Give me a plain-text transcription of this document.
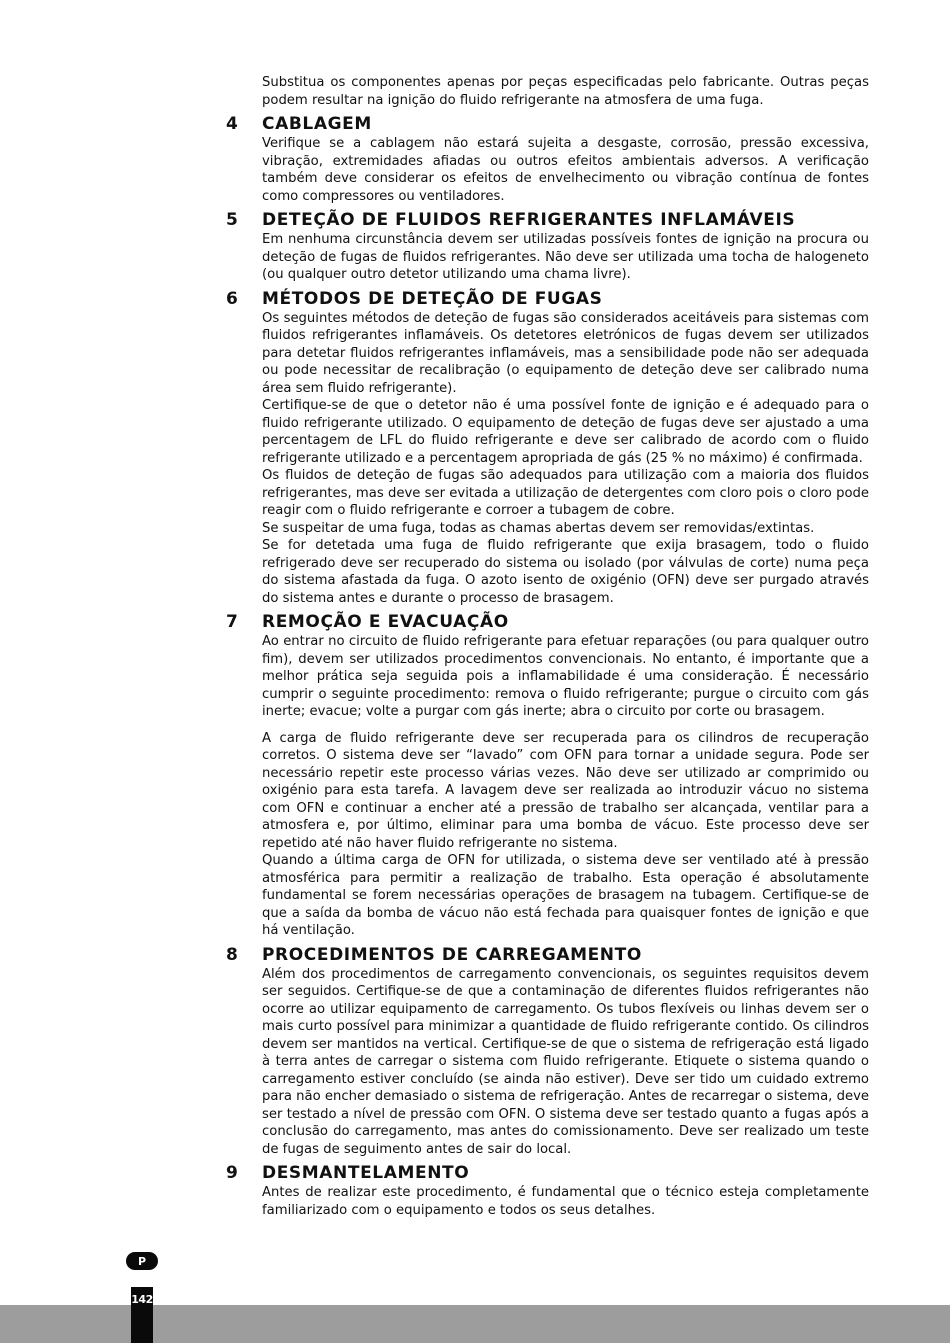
Substitua os componentes apenas por peças especificadas pelo fabricante. Outras peças podem resultar na ignição do fluido refrigerante na atmosfera de uma fuga.

4	CABLAGEM

Verifique se a cablagem não estará sujeita a desgaste, corrosão, pressão excessiva, vibração, extremidades afiadas ou outros efeitos ambientais adversos. A verificação também deve considerar os efeitos de envelhecimento ou vibração contínua de fontes como compressores ou ventiladores.

5	DETEÇÃO DE FLUIDOS REFRIGERANTES INFLAMÁVEIS

Em nenhuma circunstância devem ser utilizadas possíveis fontes de ignição na procura ou deteção de fugas de fluidos refrigerantes. Não deve ser utilizada uma tocha de halogeneto (ou qualquer outro detetor utilizando uma chama livre).

6	MÉTODOS DE DETEÇÃO DE FUGAS

Os seguintes métodos de deteção de fugas são considerados aceitáveis para sistemas com fluidos refrigerantes inflamáveis. Os detetores eletrónicos de fugas devem ser utilizados para detetar fluidos refrigerantes inflamáveis, mas a sensibilidade pode não ser adequada ou pode necessitar de recalibração (o equipamento de deteção deve ser calibrado numa área sem fluido refrigerante).

Certifique-se de que o detetor não é uma possível fonte de ignição e é adequado para o fluido refrigerante utilizado. O equipamento de deteção de fugas deve ser ajustado a uma percentagem de LFL do fluido refrigerante e deve ser calibrado de acordo com o fluido refrigerante utilizado e a percentagem apropriada de gás (25 % no máximo) é confirmada.

Os fluidos de deteção de fugas são adequados para utilização com a maioria dos fluidos refrigerantes, mas deve ser evitada a utilização de detergentes com cloro pois o cloro pode reagir com o fluido refrigerante e corroer a tubagem de cobre.

Se suspeitar de uma fuga, todas as chamas abertas devem ser removidas/extintas.

Se for detetada uma fuga de fluido refrigerante que exija brasagem, todo o fluido refrigerado deve ser recuperado do sistema ou isolado (por válvulas de corte) numa peça do sistema afastada da fuga. O azoto isento de oxigénio (OFN) deve ser purgado através do sistema antes e durante o processo de brasagem.

7	REMOÇÃO E EVACUAÇÃO

Ao entrar no circuito de fluido refrigerante para efetuar reparações (ou para qualquer outro fim), devem ser utilizados procedimentos convencionais. No entanto, é importante que a melhor prática seja seguida pois a inflamabilidade é uma consideração. É necessário cumprir o seguinte procedimento: remova o fluido refrigerante; purgue o circuito com gás inerte; evacue; volte a purgar com gás inerte; abra o circuito por corte ou brasagem.

A carga de fluido refrigerante deve ser recuperada para os cilindros de recuperação corretos. O sistema deve ser “lavado” com OFN para tornar a unidade segura. Pode ser necessário repetir este processo várias vezes. Não deve ser utilizado ar comprimido ou oxigénio para esta tarefa. A lavagem deve ser realizada ao introduzir vácuo no sistema com OFN e continuar a encher até a pressão de trabalho ser alcançada, ventilar para a atmosfera e, por último, eliminar para uma bomba de vácuo. Este processo deve ser repetido até não haver fluido refrigerante no sistema.

Quando a última carga de OFN for utilizada, o sistema deve ser ventilado até à pressão atmosférica para permitir a realização de trabalho. Esta operação é absolutamente fundamental se forem necessárias operações de brasagem na tubagem. Certifique-se de que a saída da bomba de vácuo não está fechada para quaisquer fontes de ignição e que há ventilação.

8	PROCEDIMENTOS DE CARREGAMENTO

Além dos procedimentos de carregamento convencionais, os seguintes requisitos devem ser seguidos. Certifique-se de que a contaminação de diferentes fluidos refrigerantes não ocorre ao utilizar equipamento de carregamento. Os tubos flexíveis ou linhas devem ser o mais curto possível para minimizar a quantidade de fluido refrigerante contido. Os cilindros devem ser mantidos na vertical. Certifique-se de que o sistema de refrigeração está ligado à terra antes de carregar o sistema com fluido refrigerante. Etiquete o sistema quando o carregamento estiver concluído (se ainda não estiver). Deve ser tido um cuidado extremo para não encher demasiado o sistema de refrigeração. Antes de recarregar o sistema, deve ser testado a nível de pressão com OFN. O sistema deve ser testado quanto a fugas após a conclusão do carregamento, mas antes do comissionamento. Deve ser realizado um teste de fugas de seguimento antes de sair do local.

9	DESMANTELAMENTO

Antes de realizar este procedimento, é fundamental que o técnico esteja completamente familiarizado com o equipamento e todos os seus detalhes.

P
142
